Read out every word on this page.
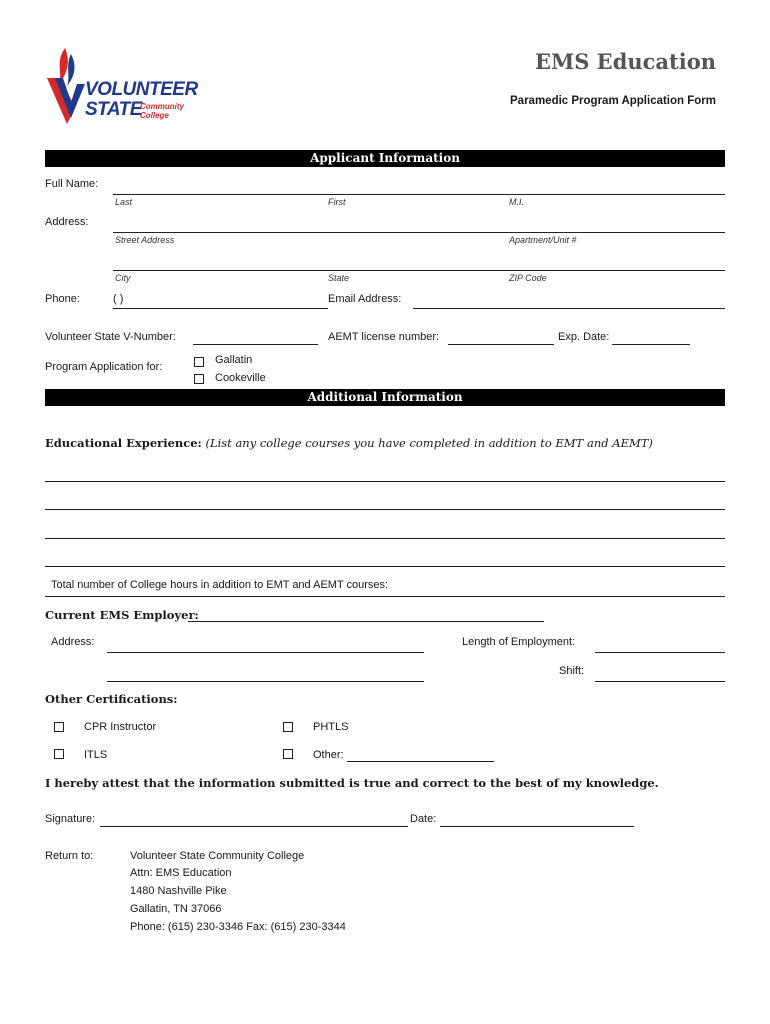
VOLUNTEER
STATE
Community
College
EMS Education
Paramedic Program Application Form
Applicant Information
Full Name:
Last	First	M.I.
Address:
Street Address	Apartment/Unit #
City	State	ZIP Code
Phone:	( )	Email Address:
Volunteer State V-Number:	AEMT license number:	Exp. Date:
Program Application for:
Gallatin
Cookeville
Additional Information
Educational Experience: (List any college courses you have completed in addition to EMT and AEMT)
Total number of College hours in addition to EMT and AEMT courses:
Current EMS Employer:
Address:	Length of Employment:
Shift:
Other Certifications:
CPR Instructor	PHTLS
ITLS	Other:
I hereby attest that the information submitted is true and correct to the best of my knowledge.
Signature:	Date:
Return to:	Volunteer State Community College
Attn: EMS Education
1480 Nashville Pike
Gallatin, TN 37066
Phone: (615) 230-3346 Fax: (615) 230-3344
